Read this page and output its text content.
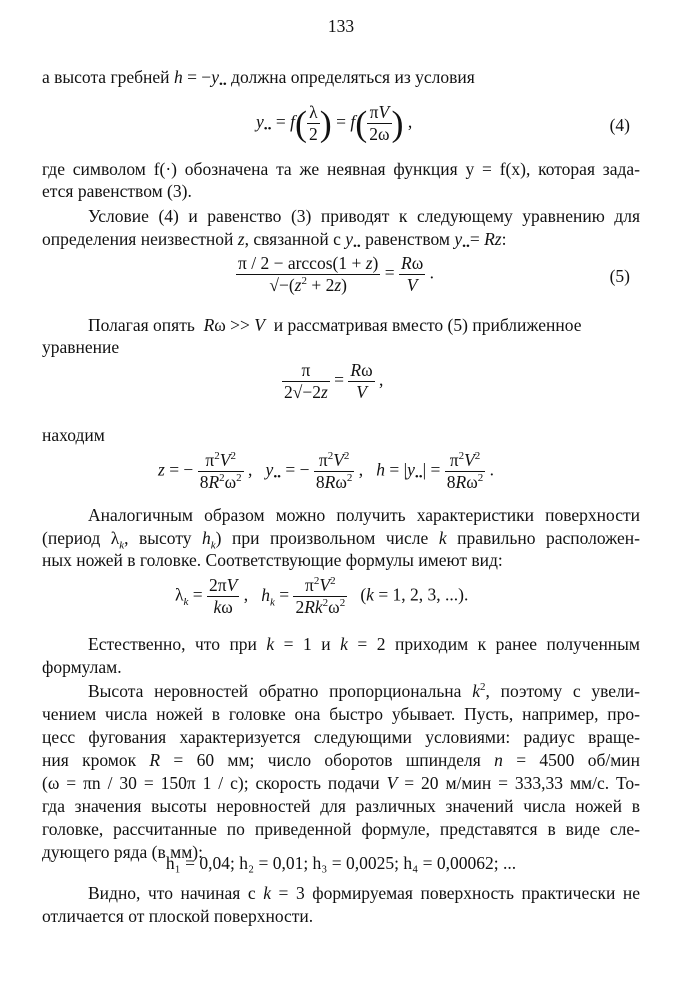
133
а высота гребней $h = -y_{••}$ должна определяться из условия
$y_{••} = f( \frac{\lambda}{2}$ ) = $f( \frac{\pi V}{2\omega}$ ) ,	(4)
где символом f(·) обозначена та же неявная функция y = f(x), которая зада-
ется равенством (3).
Условие (4) и равенство (3) приводят к следующему уравнению для
определения неизвестной z, связанной с $y_{••}$ равенством $y_{••}= Rz$:
$\frac{\pi / 2 - \arccos(1 + z)}{√-(z^2 + 2z)} = \frac{R\omega}{V}$ .	(5)
Полагая опять Rω >> V и рассматривая вместо (5) приближенное
уравнение
$\frac{\pi}{2√-2z} = \frac{R\omega}{V}$ ,
находим
z = − $\frac{\pi^2V^2}{8R^2\omega^2}$ ,   $y_{••}$ = − $\frac{\pi^2V^2}{8R\omega^2}$ ,   $h = |y_{••}| = \frac{\pi^2V^2}{8R\omega^2}$ .
Аналогичным образом можно получить характеристики поверхности
(период $\lambda_k$, высоту $h_k$) при произвольном числе k правильно расположен-
ных ножей в головке. Соответствующие формулы имеют вид:
$\lambda_k = \frac{2\pi V}{k\omega}$ ,   $h_k = \frac{\pi^2V^2}{2Rk^2\omega^2} (k = 1$, 2, 3, ...).
Естественно, что при k = 1 и k = 2 приходим к ранее полученным
формулам.
Высота неровностей обратно пропорциональна $k^2$, поэтому с увели-
чением числа ножей в головке она быстро убывает. Пусть, например, про-
цесс фугования характеризуется следующими условиями: радиус враще-
ния кромок R = 60 мм; число оборотов шпинделя n = 4500 об/мин
(ω = πn / 30 = 150π 1 / c); скорость подачи V = 20 м/мин = 333,33 мм/с. То-
гда значения высоты неровностей для различных значений числа ножей в
головке, рассчитанные по приведенной формуле, представятся в виде сле-
дующего ряда (в мм):
h₁ = 0,04; h₂ = 0,01; h₃ = 0,0025; h₄ = 0,00062; ...
Видно, что начиная с k = 3 формируемая поверхность практически не
отличается от плоской поверхности.
